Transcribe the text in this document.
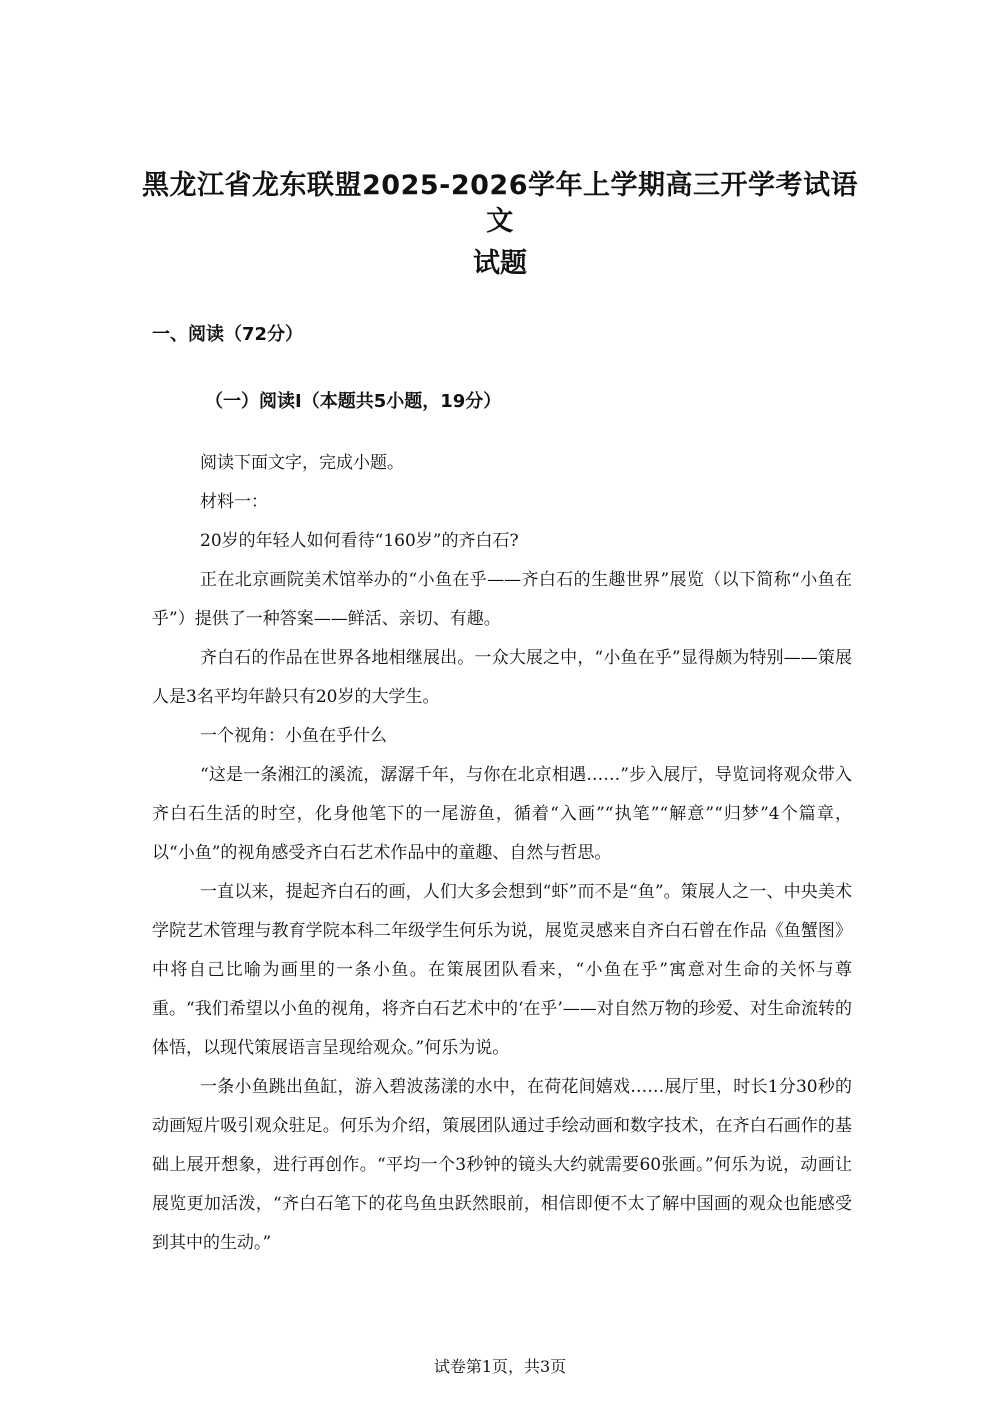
黑龙江省龙东联盟2025-2026学年上学期高三开学考试语文
试题
一、阅读（72分）
（一）阅读I（本题共5小题，19分）

阅读下面文字，完成小题。

材料一：

20岁的年轻人如何看待“160岁”的齐白石?

正在北京画院美术馆举办的“小鱼在乎——齐白石的生趣世界”展览（以下简称“小鱼在乎”）提供了一种答案——鲜活、亲切、有趣。

齐白石的作品在世界各地相继展出。一众大展之中，“小鱼在乎”显得颇为特别——策展人是3名平均年龄只有20岁的大学生。

一个视角：小鱼在乎什么

“这是一条湘江的溪流，潺潺千年，与你在北京相遇……”步入展厅，导览词将观众带入齐白石生活的时空，化身他笔下的一尾游鱼，循着“入画”“执笔”“解意”“归梦”4个篇章，以“小鱼”的视角感受齐白石艺术作品中的童趣、自然与哲思。

一直以来，提起齐白石的画，人们大多会想到“虾”而不是“鱼”。策展人之一、中央美术学院艺术管理与教育学院本科二年级学生何乐为说，展览灵感来自齐白石曾在作品《鱼蟹图》中将自己比喻为画里的一条小鱼。在策展团队看来，“小鱼在乎”寓意对生命的关怀与尊重。“我们希望以小鱼的视角，将齐白石艺术中的‘在乎’——对自然万物的珍爱、对生命流转的体悟，以现代策展语言呈现给观众。”何乐为说。

一条小鱼跳出鱼缸，游入碧波荡漾的水中，在荷花间嬉戏……展厅里，时长1分30秒的动画短片吸引观众驻足。何乐为介绍，策展团队通过手绘动画和数字技术，在齐白石画作的基础上展开想象，进行再创作。“平均一个3秒钟的镜头大约就需要60张画。”何乐为说，动画让展览更加活泼，“齐白石笔下的花鸟鱼虫跃然眼前，相信即便不太了解中国画的观众也能感受到其中的生动。”

试卷第1页，共3页
